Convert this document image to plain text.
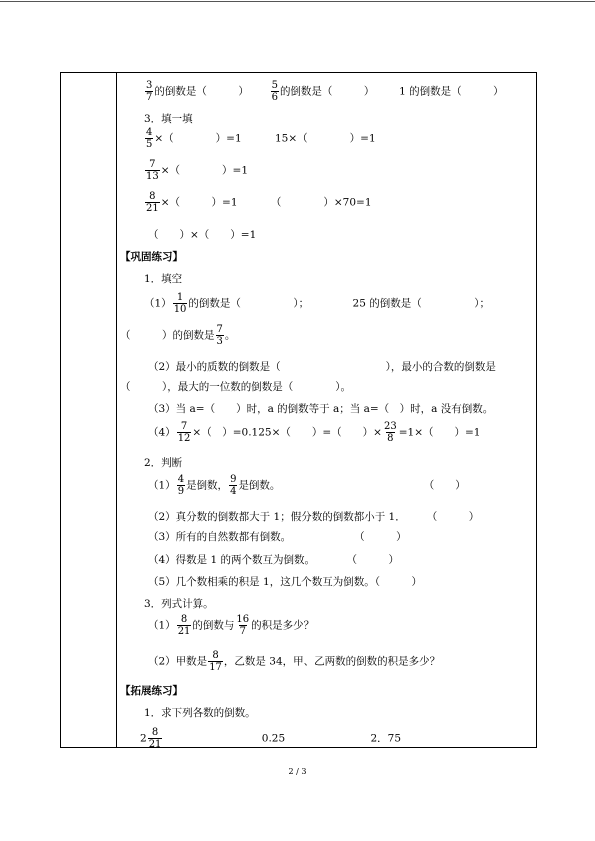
$\frac{3}{7}$ 的倒数是（　　　） $\frac{5}{6}$ 的倒数是（　　　） 1 的倒数是（　　　）
3．填一填
$\frac{4}{5}$ ×（　　　　）=1	15×（　　　　）=1
$\frac{7}{13}$ ×（　　　　）=1
$\frac{8}{21}$ ×（　　　）=1	（　　　　）×70=1
（　　）×（　　）=1
【巩固练习】
1．填空
$(1) \frac{1}{10}$ 的倒数是（　　　　　）；	25 的倒数是（　　　　　）；
（　　　）的倒数是 $\frac{7}{3}$ 。
（2）最小的质数的倒数是（　　　　　　　　　　），最小的合数的倒数是
（　　　），最大的一位数的倒数是（　　　　）。
（3）当 a=（　　）时，a 的倒数等于 a；当 a=（　）时，a 没有倒数。
$(4) \frac{7}{12}$ ×（　）=0.125×（　　）=（　　）× $\frac{23}{8} =1\times$（　　）=1
2．判断
$(1) \frac{4}{9}$ 是倒数， $\frac{9}{4}$ 是倒数。	（　　）
（2）真分数的倒数都大于 1；假分数的倒数都小于 1．　　　（　　　）
（3）所有的自然数都有倒数。　　　　　　　（　　　）
（4）得数是 1 的两个数互为倒数。　　　　（　　　）
（5）几个数相乘的积是 1，这几个数互为倒数。（　　　）
3．列式计算。
$(1) \frac{8}{21}$ 的倒数与 $\frac{16}{7}$ 的积是多少？
（2）甲数是 $\frac{8}{17}$ ，乙数是 34，甲、乙两数的倒数的积是多少？
【拓展练习】
1．求下列各数的倒数。
$2 \frac{8}{21}$	0.25	2．75
2 / 3
